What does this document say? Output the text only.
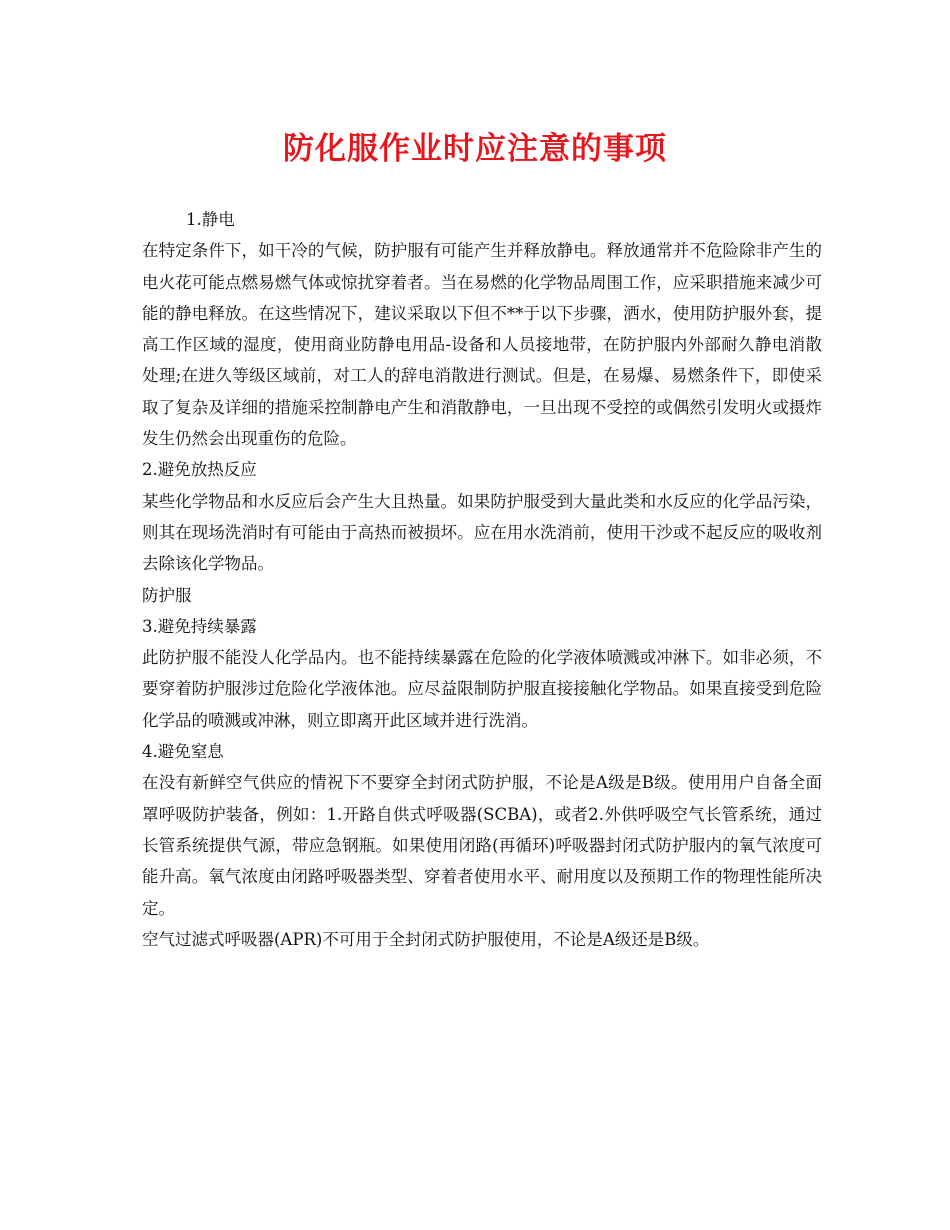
防化服作业时应注意的事项

1.静电

在特定条件下，如干冷的气候，防护服有可能产生并释放静电。释放通常并不危险除非产生的电火花可能点燃易燃气体或惊扰穿着者。当在易燃的化学物品周围工作，应采职措施来减少可能的静电释放。在这些情况下，建议采取以下但不**于以下步骤，洒水，使用防护服外套，提高工作区域的湿度，使用商业防静电用品-设备和人员接地带，在防护服内外部耐久静电消散处理;在进久等级区域前，对工人的辞电消散进行测试。但是，在易爆、易燃条件下，即使采取了复杂及详细的措施采控制静电产生和消散静电，一旦出现不受控的或偶然引发明火或摄炸发生仍然会出现重伤的危险。

2.避免放热反应

某些化学物品和水反应后会产生大且热量。如果防护服受到大量此类和水反应的化学品污染，则其在现场洗消时有可能由于高热而被损坏。应在用水洗消前，使用干沙或不起反应的吸收剂去除该化学物品。

防护服

3.避免持续暴露

此防护服不能没人化学品内。也不能持续暴露在危险的化学液体喷溅或冲淋下。如非必须，不要穿着防护服涉过危险化学液体池。应尽益限制防护服直接接触化学物品。如果直接受到危险化学品的喷溅或冲淋，则立即离开此区域并进行洗消。

4.避免窒息

在没有新鲜空气供应的情祝下不要穿全封闭式防护服，不论是A级是B级。使用用户自备全面罩呼吸防护装备，例如：1.开路自供式呼吸器(SCBA)，或者2.外供呼吸空气长管系统，通过长管系统提供气源，带应急钢瓶。如果使用闭路(再循环)呼吸器封闭式防护服内的氧气浓度可能升高。氧气浓度由闭路呼吸器类型、穿着者使用水平、耐用度以及预期工作的物理性能所决定。

空气过滤式呼吸器(APR)不可用于全封闭式防护服使用，不论是A级还是B级。
